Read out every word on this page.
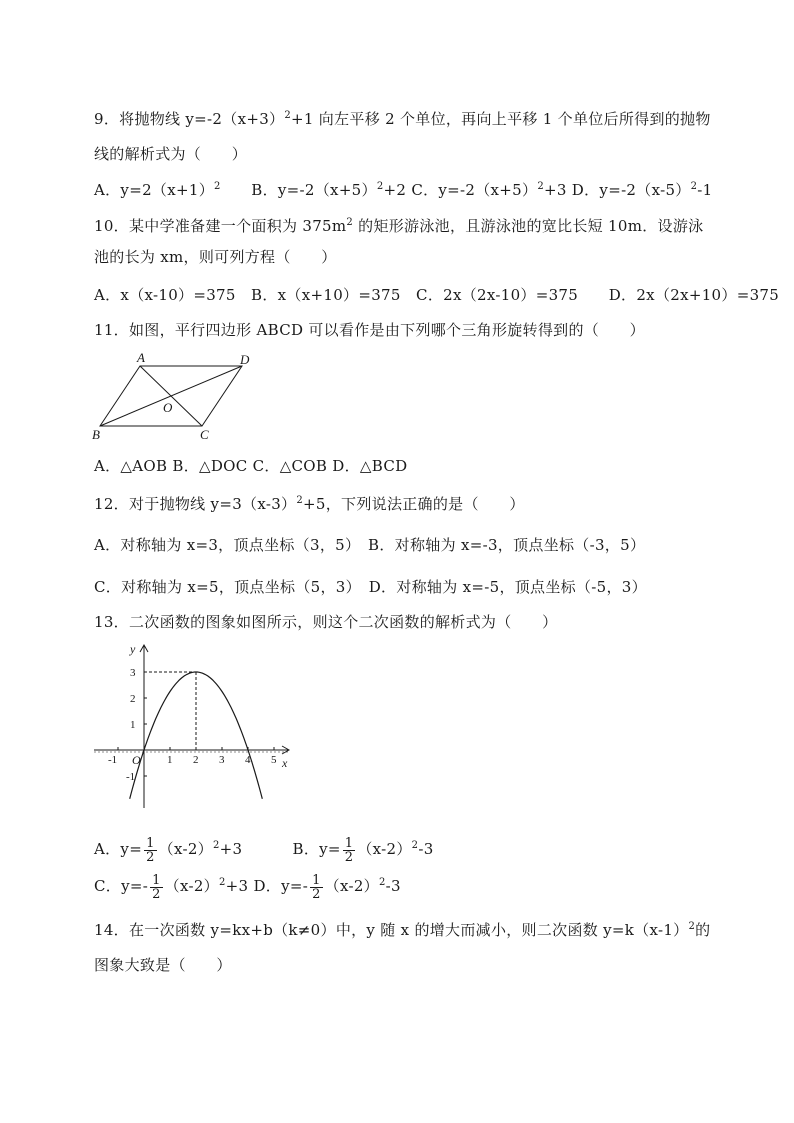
9．将抛物线 $y=-2(x+3)^2+1$ 向左平移 2 个单位，再向上平移 1 个单位后所得到的抛物
线的解析式为（　　）
A．$y=2(x+1)^2$　　 B．$y=-2(x+5)^2+2$ C．$y=-2(x+5)^2+3$ D．$y=-2(x-5)^2-1$
10．某中学准备建一个面积为 $375m^2$ 的矩形游泳池，且游泳池的宽比长短 10m．设游泳
池的长为 xm，则可列方程（　　）
A．x（x-10）=375　B．x（x+10）=375　C．2x（2x-10）=375　　D．2x（2x+10）=375
11．如图，平行四边形 ABCD 可以看作是由下列哪个三角形旋转得到的（　　）
A	D
B	C
O
A．△AOB B．△DOC C．△COB D．△BCD
12．对于抛物线 $y=3(x-3)^2+5$，下列说法正确的是（　　）
A．对称轴为 x=3，顶点坐标（3，5）　B．对称轴为 x=-3，顶点坐标（-3，5）
C．对称轴为 x=5，顶点坐标（5，3）　D．对称轴为 x=-5，顶点坐标（-5，3）
13．二次函数的图象如图所示，则这个二次函数的解析式为（　　）
y
x
O
-1	1 2 3 4 5
3
2
1
-1
A．$y= \frac{1}{2} (x-2)^2+3$	B．$y= \frac{1}{2} (x-2)^2-3$
C．$y=- \frac{1}{2} (x-2)^2+3$ D．$y=- \frac{1}{2} (x-2)^2-3$
14．在一次函数 y=kx+b（k≠0）中，y 随 x 的增大而减小，则二次函数 $y=k(x-1)^2$的
图象大致是（　　）
